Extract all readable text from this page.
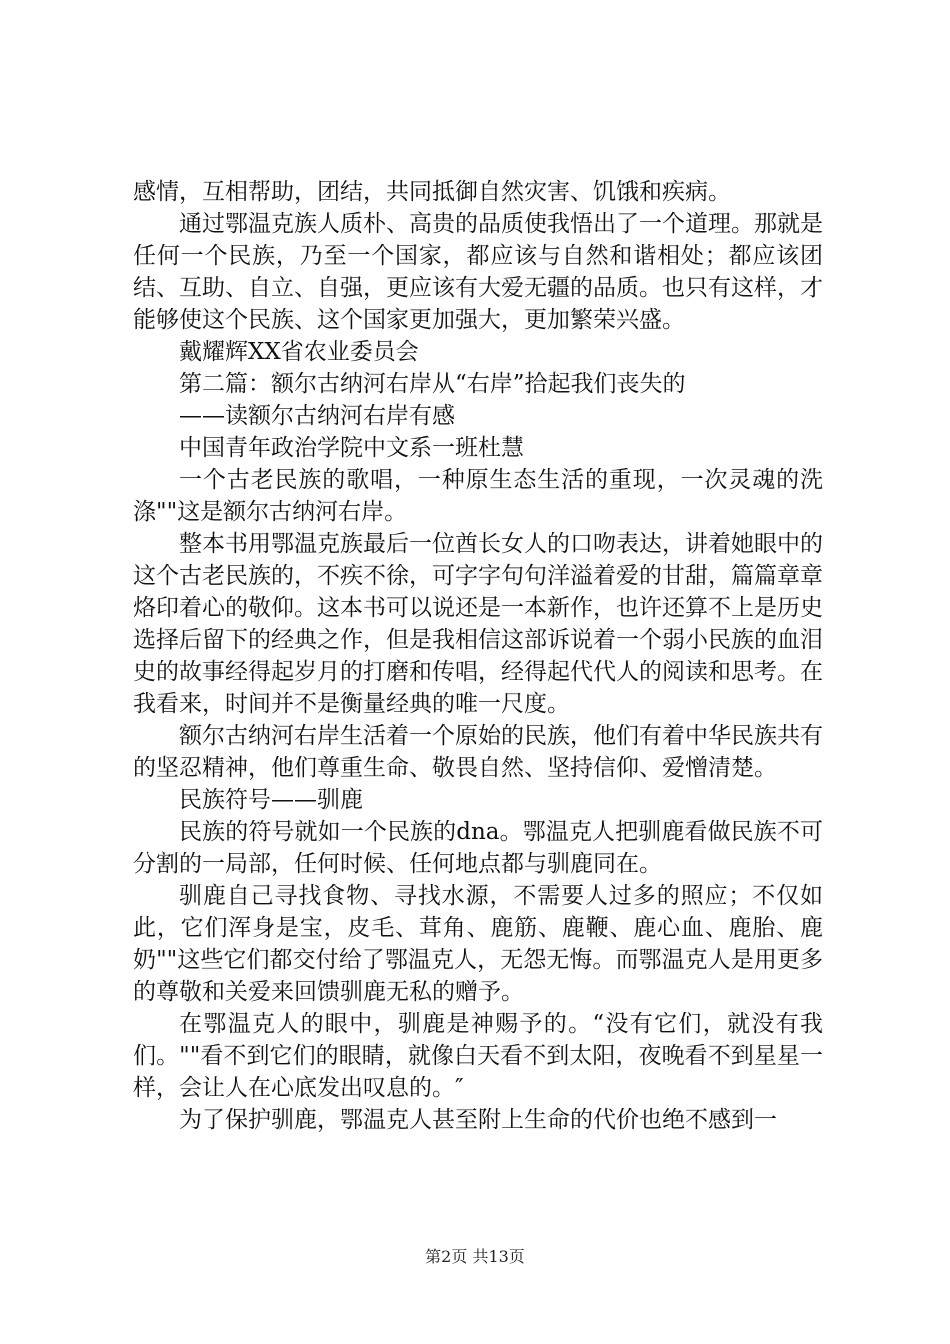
感情，互相帮助，团结，共同抵御自然灾害、饥饿和疾病。

通过鄂温克族人质朴、高贵的品质使我悟出了一个道理。那就是任何一个民族，乃至一个国家，都应该与自然和谐相处；都应该团结、互助、自立、自强，更应该有大爱无疆的品质。也只有这样，才能够使这个民族、这个国家更加强大，更加繁荣兴盛。

戴耀辉XX省农业委员会

第二篇：额尔古纳河右岸从“右岸”拾起我们丧失的

——读额尔古纳河右岸有感

中国青年政治学院中文系一班杜慧

一个古老民族的歌唱，一种原生态生活的重现，一次灵魂的洗涤""这是额尔古纳河右岸。

整本书用鄂温克族最后一位酋长女人的口吻表达，讲着她眼中的这个古老民族的，不疾不徐，可字字句句洋溢着爱的甘甜，篇篇章章烙印着心的敬仰。这本书可以说还是一本新作，也许还算不上是历史选择后留下的经典之作，但是我相信这部诉说着一个弱小民族的血泪史的故事经得起岁月的打磨和传唱，经得起代代人的阅读和思考。在我看来，时间并不是衡量经典的唯一尺度。

额尔古纳河右岸生活着一个原始的民族，他们有着中华民族共有的坚忍精神，他们尊重生命、敬畏自然、坚持信仰、爱憎清楚。

民族符号——驯鹿

民族的符号就如一个民族的dna。鄂温克人把驯鹿看做民族不可分割的一局部，任何时候、任何地点都与驯鹿同在。

驯鹿自己寻找食物、寻找水源，不需要人过多的照应；不仅如此，它们浑身是宝，皮毛、茸角、鹿筋、鹿鞭、鹿心血、鹿胎、鹿奶""这些它们都交付给了鄂温克人，无怨无悔。而鄂温克人是用更多的尊敬和关爱来回馈驯鹿无私的赠予。

在鄂温克人的眼中，驯鹿是神赐予的。“没有它们，就没有我们。""看不到它们的眼睛，就像白天看不到太阳，夜晚看不到星星一样，会让人在心底发出叹息的。″

为了保护驯鹿，鄂温克人甚至附上生命的代价也绝不感到一

第2页 共13页
